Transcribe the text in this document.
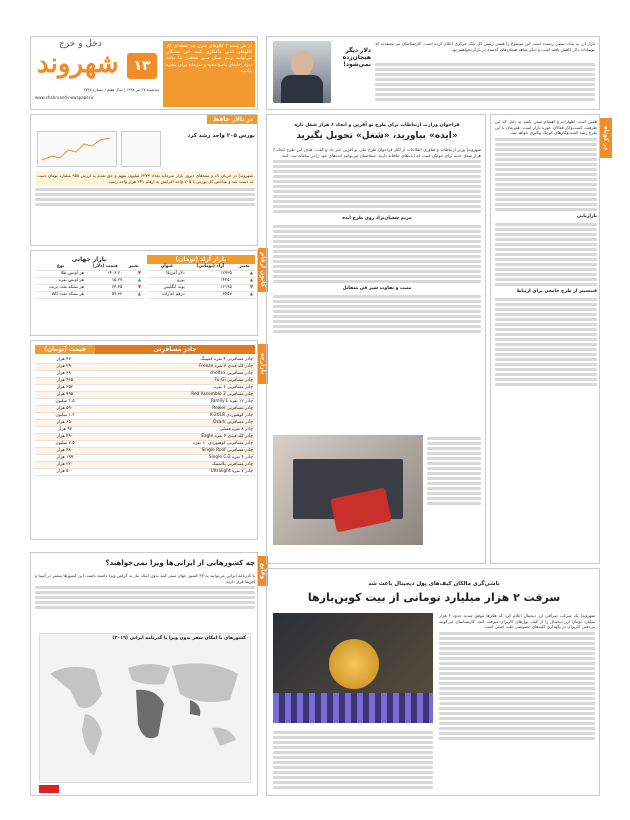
دخل و خرج
شهروند	۱۳
پنجشنبه ۲۷ تیر ۱۳۹۸ | سال هفتم | شماره ۱۷۴۸
www.shahrvand-newspaper.ir
در هر بسته ۲ کالوهای منزل چه نقطه‌ای کار کالوهای اتنین داغکاری کنید، این بستگان می‌توانید زنیم سبک سیر مجلس بنا نکنند دیوار خانه‌ای پاسخ دهید و سرمایه برای پنچره بیاسید
دلار دیگر هیجان‌زده نمی‌شود!
بازار ارز به ثبات نسبی رسیده است این موضوع را همتی رئیس کل بانک مرکزی اعلام کرده است. کارشناسان نیز معتقدند که نوسانات دلار کاهش یافته است و دیگر شاهد هیجان‌های گذشته در بازار نخواهیم بود.
در تالار حافظ
بورس ۲۰۵ واحد رشد کرد
شهروند| در جریان داد و ستدهای دیروز بازار سرمایه تعداد ۶۲۷۳ میلیون سهم و حق تقدم به ارزش ۹۵۸ میلیارد تومان دست به دست شد و شاخص کل بورس با ۲۰۵ واحد افزایش به ارقام ۲۴۱ هزار واحد رسید.
کانون ارقام
بازار جهانی
نوع	قیمت (دلار)	تغییر
هر اونس طلا	۱۴۰۶.۲۰	▼
هر اونس نقره	۱۵.۲۷	▲
هر بشکه نفت برنت	۶۴.۳۵	▼
هر بشکه نفت wti	۵۷.۶۲	▲
بازار آزاد (تومان)
عنوان	آزاد (تومانی)	تغییر
دلار آمریکا	۱۲۷۳۵	▲
یورو	۱۴۲۵۰	▲
پوند انگلیس	۱۶۱۹۵	▼
درهم امارات	۳۴۵۷	▲
بازارچه
قیمت (تومان)	جادر مسافرتی
۴۳۰ هزار	چادر مسافرتی ۴ نفره کمپینگ
۲۹۰ هزار	چادر کله قندی ۳ نفره Freeze
۳۸۰ هزار	چادر مسافرتی sheltex
۴۶۵ هزار	چادر مسافرتی Fu-Gi
۲۵۲ هزار	چادر مسافرتی ۶ نفره
۹۹۵ هزار	چادر مسافرتی Red Assemble 3
۱.۵ میلیون	چادر ۱۲ نفره Family L
۵۹۰ هزار	چادر مسافرتی Rewer
۱.۲ میلیون	چادر کوهنوردی K-2018
۶۵۰ هزار	چادر مسافرتی Ozark
۹۷ هزار	چادر ۸ نفره فمیلی
۴۹۰ هزار	چادر کله قندی ۴ نفره Eagle
۲.۵ میلیون	چادر مسافرتی کوهنوردی ۱۰ نفره
۴۸۰ هزار	چادر مسافرتی Single Roof
۱۹۹ هزار	چادر ۴ نفره Single C-2
۲۲۰ هزار	چادر مسافرتی پلاستیک
۵۰۰ هزار	چادر ۷ نفره Ultralight
وقایع
چه کشورهایی از ایرانی‌ها ویزا نمی‌خواهند؟
با کذرنامه ایرانی می‌توانید به ۳۷ کشور جهان سفر کنید بدون اینکه نیاز به گرفتن ویزا داشته باشید. این کشورها بیشتر در آسیا و آفریقا قرار دارند.
کشورهای با امکان سفر بدون ویزا با گذرنامه ایرانی (۲۰۱۹)
در کوتاه
فراخوان وزارت ارتباطات برای طرح تو آفرین و ایجاد ۶ هزار شغل تازه
«ایده» بیاورید، «شغل» تحویل بگیرید
شهروند| وزیر ارتباطات و فناوری اطلاعات از آغاز فراخوان طرح ملی تو آفرین خبر داد و گفت: هدف این طرح ایجاد ۶ هزار شغل جدید برای جوانان است که ایده‌های خلاقانه دارند. متقاضیان می‌توانند ایده‌های خود را در سامانه ثبت کنند.
مریم شعبان‌نژاد روی طرح ایده
مثبت و تفاوت شیر فی متقابل
همین است اظهارات و اهتمام سعی باشد به دلیل که این ظرفیت کسب‌وکار فعالان حوزه بازار است. همزمان با این طرح رشد کسب‌وکارهای کوچک پیگیری خواهد شد.
بازاریابی
فینسیتر از طرح جامعی برای ارتباط
ناشی‌گری مالکان کیف‌های پول دیجیتال باعث شد
سرقت ۲ هزار میلیارد تومانی از بیت کوین‌بازها
شهروند| یک شرکت صرافی ارز دیجیتال اعلام کرد که هکرها موفق شدند حدود ۲ هزار میلیارد تومان ارز دیجیتال را از کیف پول‌های کاربران سرقت کنند. کارشناسان می‌گویند بی‌دقتی کاربران در نگهداری کلیدهای خصوصی علت اصلی است.
